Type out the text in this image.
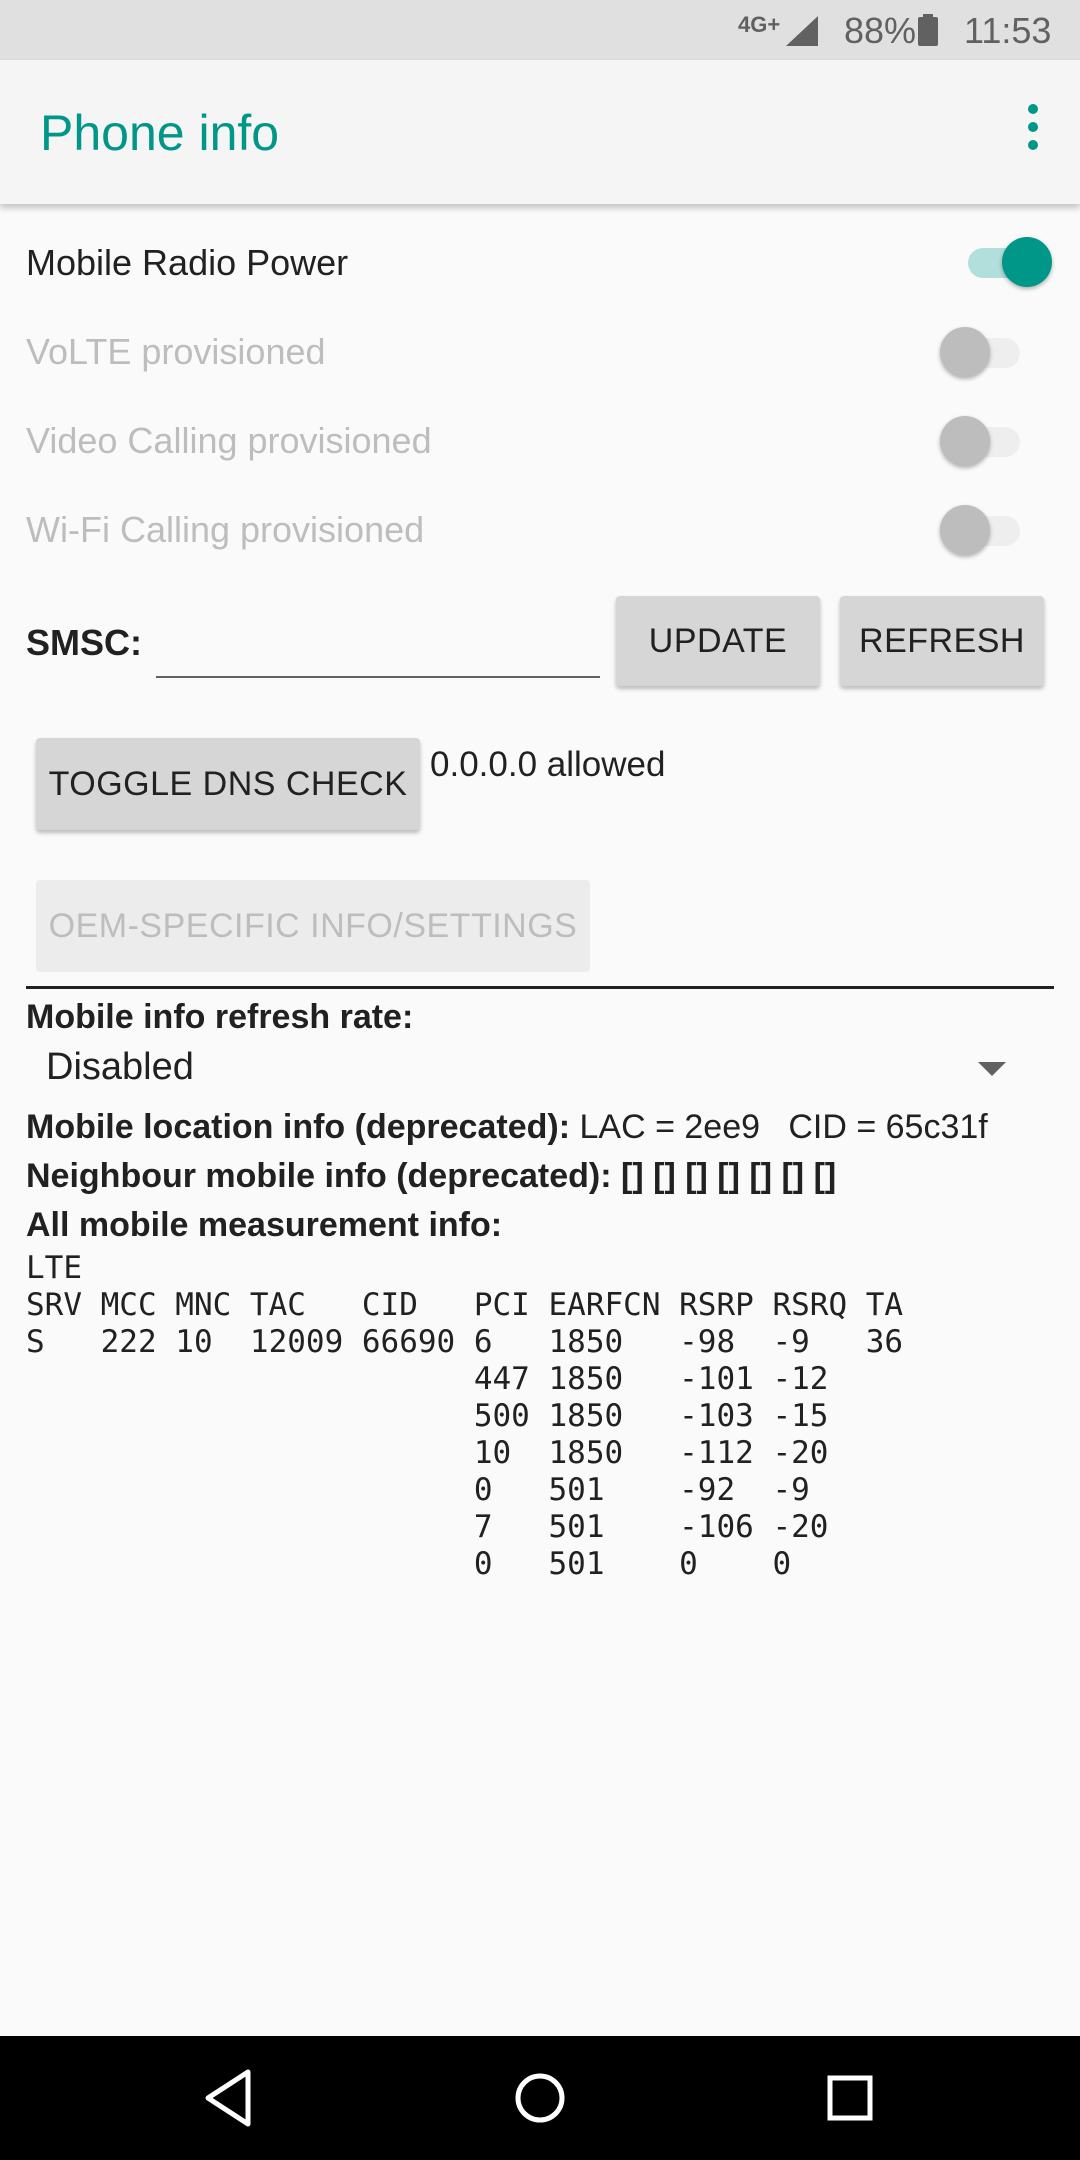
4G+ 88% 11:53
Phone info
Mobile Radio Power
VoLTE provisioned
Video Calling provisioned
Wi-Fi Calling provisioned
SMSC:	UPDATE	REFRESH
TOGGLE DNS CHECK 0.0.0.0 allowed
OEM-SPECIFIC INFO/SETTINGS
Mobile info refresh rate:
Disabled
Mobile location info (deprecated): LAC = 2ee9   CID = 65c31f
Neighbour mobile info (deprecated): [] [] [] [] [] [] []
All mobile measurement info:
LTE									
SRV	MCC	MNC	TAC	CID	PCI	EARFCN	RSRP	RSRQ	TA
S	222	10	12009	66690	6	1850	-98	-9	36
					447	1850	-101	-12	
					500	1850	-103	-15	
					10	1850	-112	-20	
					0	501	-92	-9	
					7	501	-106	-20	
					0	501	0	0	
